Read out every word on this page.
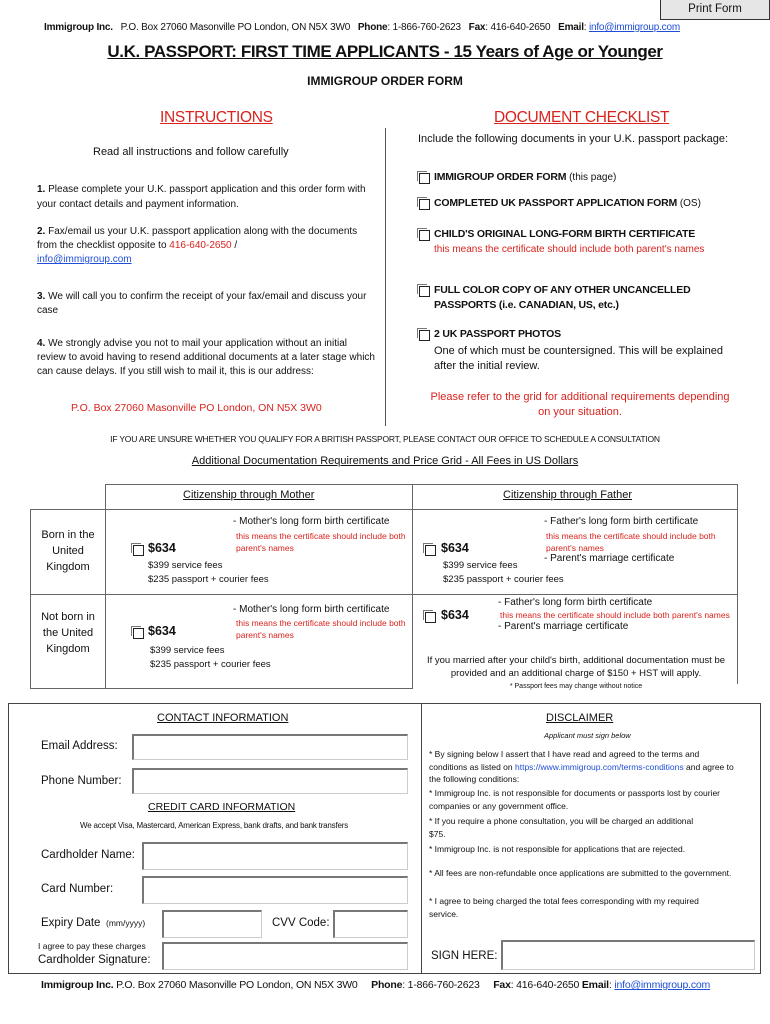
Print Form
Immigroup Inc. P.O. Box 27060 Masonville PO London, ON N5X 3W0 Phone: 1-866-760-2623 Fax: 416-640-2650 Email: info@immigroup.com
U.K. PASSPORT: FIRST TIME APPLICANTS - 15 Years of Age or Younger
IMMIGROUP ORDER FORM
INSTRUCTIONS
Read all instructions and follow carefully
1. Please complete your U.K. passport application and this order form with your contact details and payment information.
2. Fax/email us your U.K. passport application along with the documents from the checklist opposite to 416-640-2650 /
info@immigroup.com
3. We will call you to confirm the receipt of your fax/email and discuss your case
4. We strongly advise you not to mail your application without an initial review to avoid having to resend additional documents at a later stage which can cause delays. If you still wish to mail it, this is our address:
P.O. Box 27060 Masonville PO London, ON N5X 3W0
DOCUMENT CHECKLIST
Include the following documents in your U.K. passport package:
IMMIGROUP ORDER FORM (this page)
COMPLETED UK PASSPORT APPLICATION FORM (OS)
CHILD'S ORIGINAL LONG-FORM BIRTH CERTIFICATE
this means the certificate should include both parent's names
FULL COLOR COPY OF ANY OTHER UNCANCELLED PASSPORTS (i.e. CANADIAN, US, etc.)
2 UK PASSPORT PHOTOS
One of which must be countersigned. This will be explained after the initial review.
Please refer to the grid for additional requirements depending on your situation.
IF YOU ARE UNSURE WHETHER YOU QUALIFY FOR A BRITISH PASSPORT, PLEASE CONTACT OUR OFFICE TO SCHEDULE A CONSULTATION
Additional Documentation Requirements and Price Grid - All Fees in US Dollars
Citizenship through Mother	Citizenship through Father
Born in the United Kingdom
Not born in the United Kingdom
- Mother's long form birth certificate
this means the certificate should include both parent's names
$634
$399 service fees
$235 passport + courier fees
- Father's long form birth certificate
this means the certificate should include both parent's names
- Parent's marriage certificate
$634
$399 service fees
$235 passport + courier fees
- Mother's long form birth certificate
this means the certificate should include both parent's names
$634
$399 service fees
$235 passport + courier fees
- Father's long form birth certificate
this means the certificate should include both parent's names
- Parent's marriage certificate
$634
If you married after your child's birth, additional documentation must be provided and an additional charge of $150 + HST will apply.
* Passport fees may change without notice
CONTACT INFORMATION
Email Address:
Phone Number:
CREDIT CARD INFORMATION
We accept Visa, Mastercard, American Express, bank drafts, and bank transfers
Cardholder Name:
Card Number:
Expiry Date (mm/yyyy)	CVV Code:
I agree to pay these charges
Cardholder Signature:
DISCLAIMER
Applicant must sign below
* By signing below I assert that I have read and agreed to the terms and conditions as listed on https://www.immigroup.com/terms-conditions and agree to the following conditions:
* Immigroup Inc. is not responsible for documents or passports lost by courier companies or any government office.
* If you require a phone consultation, you will be charged an additional $75.
* Immigroup Inc. is not responsible for applications that are rejected.
* All fees are non-refundable once applications are submitted to the government.
* I agree to being charged the total fees corresponding with my required service.
SIGN HERE:
Immigroup Inc. P.O. Box 27060 Masonville PO London, ON N5X 3W0 Phone: 1-866-760-2623 Fax: 416-640-2650 Email: info@immigroup.com
